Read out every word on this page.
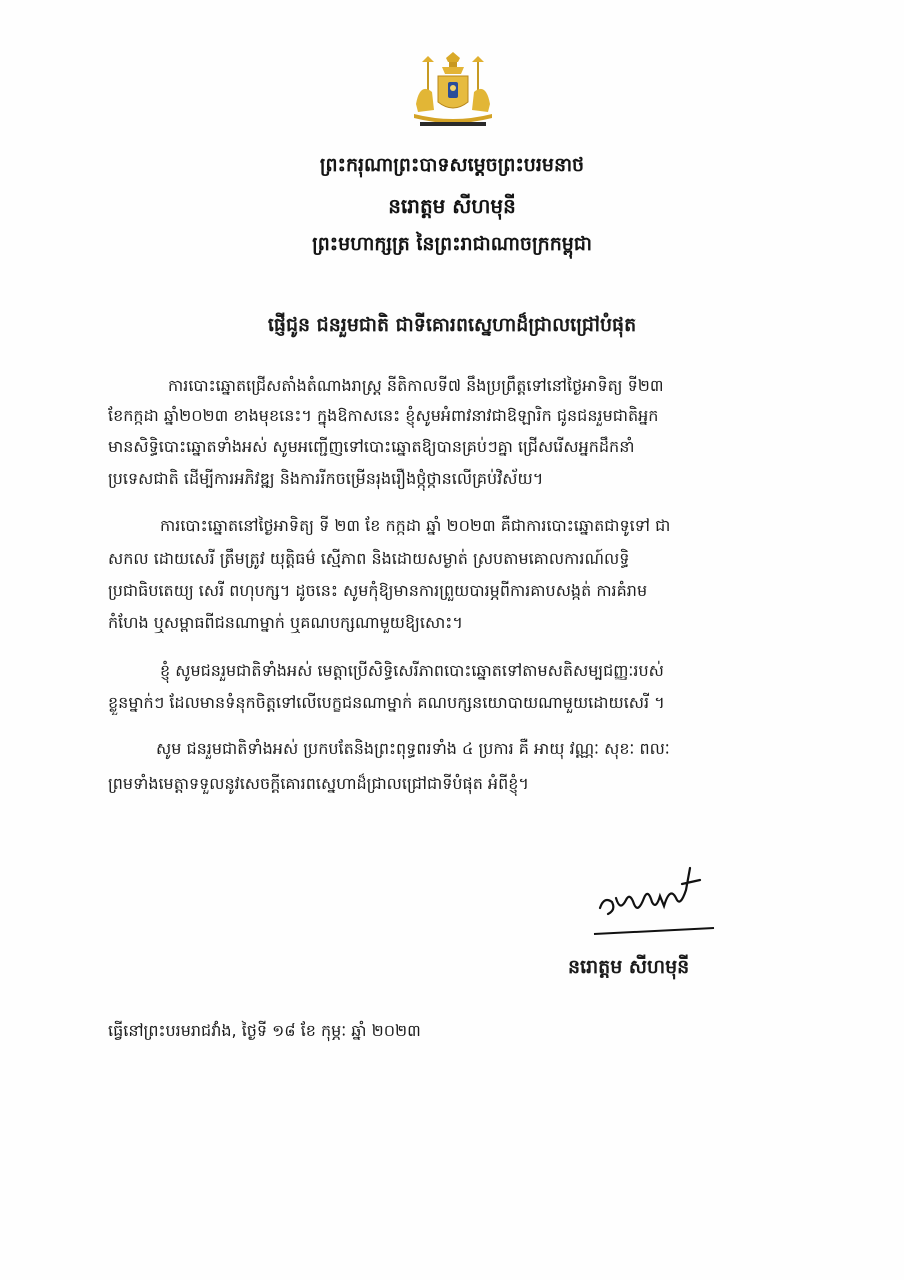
ព្រះករុណាព្រះបាទសម្តេចព្រះបរមនាថ
នរោត្តម សីហមុនី
ព្រះមហាក្សត្រ នៃព្រះរាជាណាចក្រកម្ពុជា
ផ្ញើជូន ជនរួមជាតិ ជាទីគោរពស្នេហាដ៏ជ្រាលជ្រៅបំផុត
ការបោះឆ្នោតជ្រើសតាំងតំណាងរាស្ត្រ នីតិកាលទី៧ នឹងប្រព្រឹត្តទៅនៅថ្ងៃអាទិត្យ ទី២៣
ខែកក្កដា ឆ្នាំ២០២៣ ខាងមុខនេះ។ ក្នុងឱកាសនេះ ខ្ញុំសូមអំពាវនាវជាឱឡារិក ជូនជនរួមជាតិអ្នក
មានសិទ្ធិបោះឆ្នោតទាំងអស់ សូមអញ្ជើញទៅបោះឆ្នោតឱ្យបានគ្រប់ៗគ្នា ជ្រើសរើសអ្នកដឹកនាំ
ប្រទេសជាតិ ដើម្បីការអភិវឌ្ឍ និងការរីកចម្រើនរុងរឿងថ្កុំថ្កានលើគ្រប់វិស័យ។
ការបោះឆ្នោតនៅថ្ងៃអាទិត្យ ទី ២៣ ខែ កក្កដា ឆ្នាំ ២០២៣ គឺជាការបោះឆ្នោតជាទូទៅ ជា
សកល ដោយសេរី ត្រឹមត្រូវ យុត្តិធម៌ ស្មើភាព និងដោយសម្ងាត់ ស្របតាមគោលការណ៍លទ្ធិ
ប្រជាធិបតេយ្យ សេរី ពហុបក្ស។ ដូចនេះ សូមកុំឱ្យមានការព្រួយបារម្ភពីការគាបសង្កត់ ការគំរាម
កំហែង ឬសម្ពាធពីជនណាម្នាក់ ឬគណបក្សណាមួយឱ្យសោះ។
ខ្ញុំ សូមជនរួមជាតិទាំងអស់ មេត្តាប្រើសិទ្ធិសេរីភាពបោះឆ្នោតទៅតាមសតិសម្បជញ្ញៈរបស់
ខ្លួនម្នាក់ៗ ដែលមានទំនុកចិត្តទៅលើបេក្ខជនណាម្នាក់ គណបក្សនយោបាយណាមួយដោយសេរី ។
សូម ជនរួមជាតិទាំងអស់ ប្រកបតែនិងព្រះពុទ្ធពរទាំង ៤ ប្រការ គឺ អាយុ វណ្ណៈ សុខៈ ពលៈ
ព្រមទាំងមេត្តាទទួលនូវសេចក្តីគោរពស្នេហាដ៏ជ្រាលជ្រៅជាទីបំផុត អំពីខ្ញុំ។
នរោត្តម សីហមុនី
ធ្វើនៅព្រះបរមរាជវាំង, ថ្ងៃទី ១៨ ខែ កុម្ភៈ ឆ្នាំ ២០២៣
